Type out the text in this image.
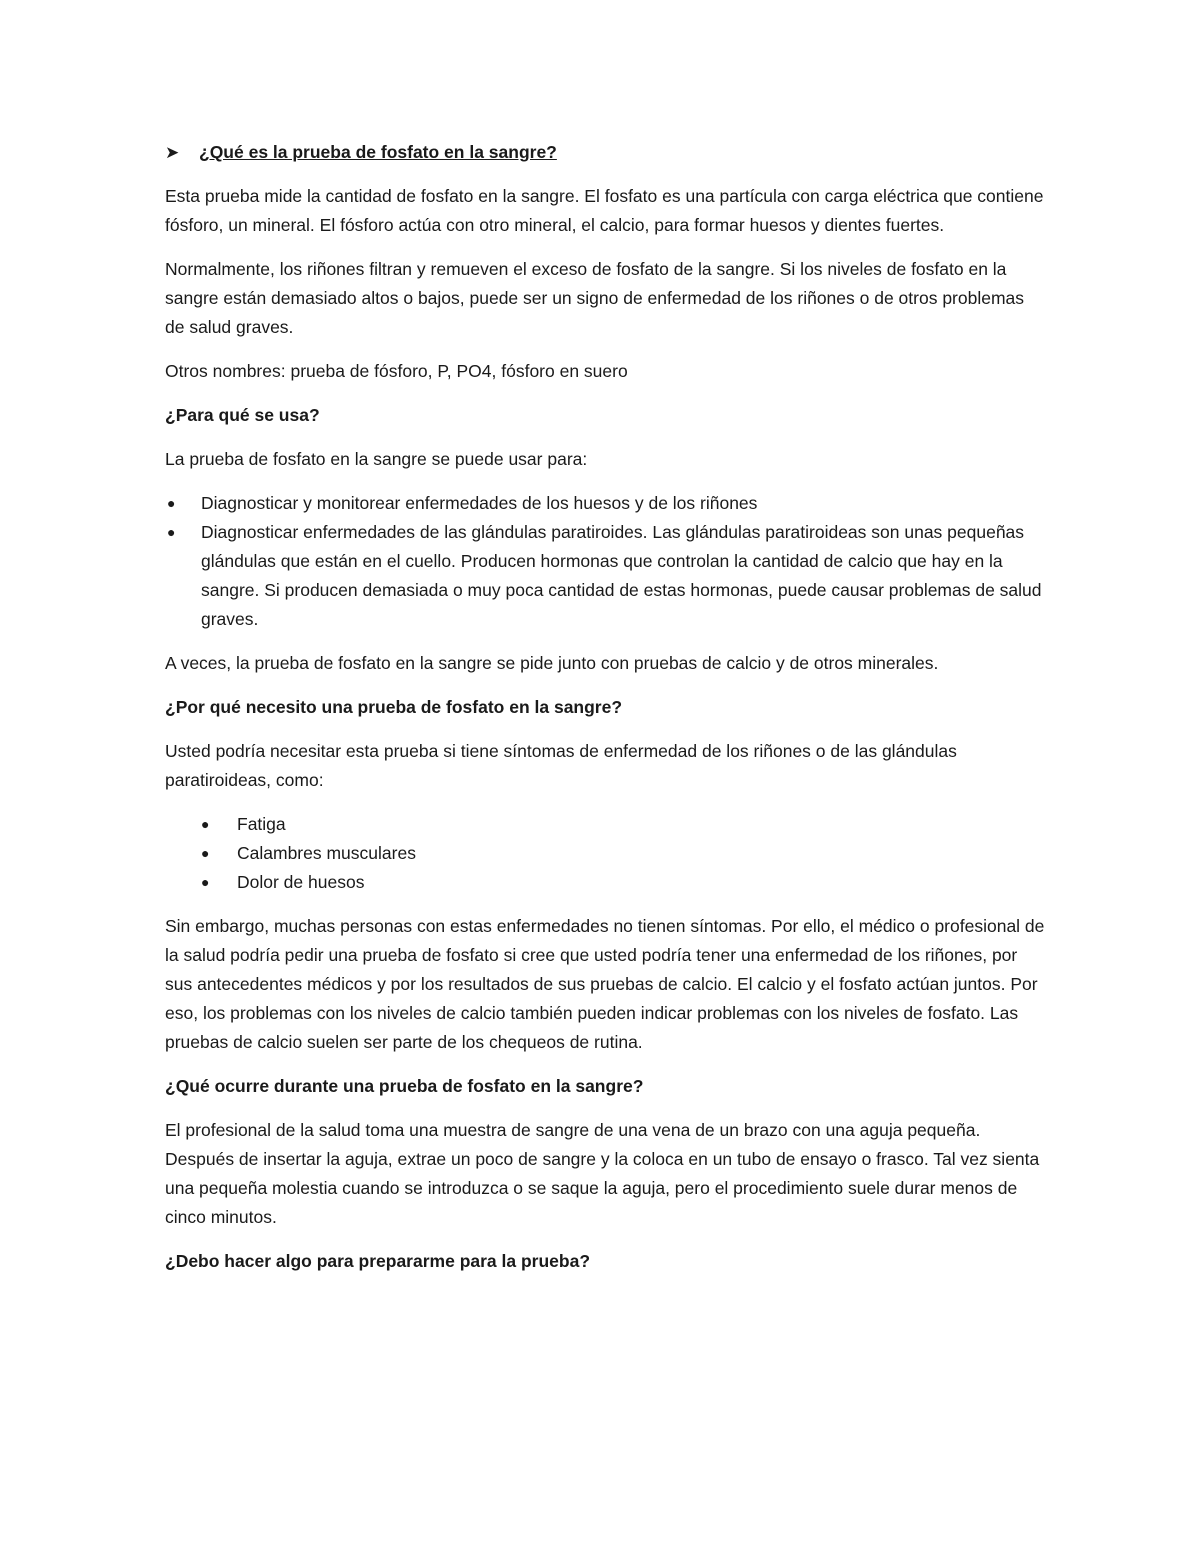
➤	¿Qué es la prueba de fosfato en la sangre?

Esta prueba mide la cantidad de fosfato en la sangre. El fosfato es una partícula con carga eléctrica que contiene fósforo, un mineral. El fósforo actúa con otro mineral, el calcio, para formar huesos y dientes fuertes.

Normalmente, los riñones filtran y remueven el exceso de fosfato de la sangre. Si los niveles de fosfato en la sangre están demasiado altos o bajos, puede ser un signo de enfermedad de los riñones o de otros problemas de salud graves.

Otros nombres: prueba de fósforo, P, PO4, fósforo en suero

¿Para qué se usa?

La prueba de fosfato en la sangre se puede usar para:

● Diagnosticar y monitorear enfermedades de los huesos y de los riñones
● Diagnosticar enfermedades de las glándulas paratiroides. Las glándulas paratiroideas son unas pequeñas glándulas que están en el cuello. Producen hormonas que controlan la cantidad de calcio que hay en la sangre. Si producen demasiada o muy poca cantidad de estas hormonas, puede causar problemas de salud graves.

A veces, la prueba de fosfato en la sangre se pide junto con pruebas de calcio y de otros minerales.

¿Por qué necesito una prueba de fosfato en la sangre?

Usted podría necesitar esta prueba si tiene síntomas de enfermedad de los riñones o de las glándulas paratiroideas, como:

● Fatiga
● Calambres musculares
● Dolor de huesos

Sin embargo, muchas personas con estas enfermedades no tienen síntomas. Por ello, el médico o profesional de la salud podría pedir una prueba de fosfato si cree que usted podría tener una enfermedad de los riñones, por sus antecedentes médicos y por los resultados de sus pruebas de calcio. El calcio y el fosfato actúan juntos. Por eso, los problemas con los niveles de calcio también pueden indicar problemas con los niveles de fosfato. Las pruebas de calcio suelen ser parte de los chequeos de rutina.

¿Qué ocurre durante una prueba de fosfato en la sangre?

El profesional de la salud toma una muestra de sangre de una vena de un brazo con una aguja pequeña. Después de insertar la aguja, extrae un poco de sangre y la coloca en un tubo de ensayo o frasco. Tal vez sienta una pequeña molestia cuando se introduzca o se saque la aguja, pero el procedimiento suele durar menos de cinco minutos.

¿Debo hacer algo para prepararme para la prueba?
